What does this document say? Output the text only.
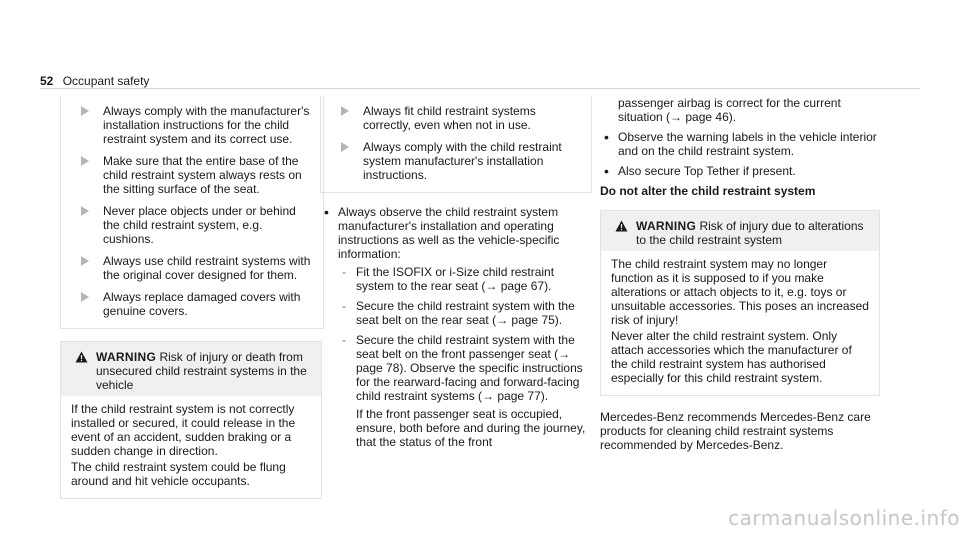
52 Occupant safety

Always comply with the manufacturer's installation instructions for the child restraint system and its correct use.

Make sure that the entire base of the child restraint system always rests on the sitting surface of the seat.

Never place objects under or behind the child restraint system, e.g. cushions.

Always use child restraint systems with the original cover designed for them.

Always replace damaged covers with genuine covers.

WARNING Risk of injury or death from unsecured child restraint systems in the vehicle

If the child restraint system is not correctly installed or secured, it could release in the event of an accident, sudden braking or a sudden change in direction.

The child restraint system could be flung around and hit vehicle occupants.

Always fit child restraint systems correctly, even when not in use.

Always comply with the child restraint system manufacturer's installation instructions.

• Always observe the child restraint system manufacturer's installation and operating instructions as well as the vehicle-specific information:
- Fit the ISOFIX or i-Size child restraint system to the rear seat (→ page 67).
- Secure the child restraint system with the seat belt on the rear seat (→ page 75).
- Secure the child restraint system with the seat belt on the front passenger seat (→ page 78). Observe the specific instructions for the rearward-facing and forward-facing child restraint systems (→ page 77).

If the front passenger seat is occupied, ensure, both before and during the journey, that the status of the front

passenger airbag is correct for the current situation (→ page 46).

• Observe the warning labels in the vehicle interior and on the child restraint system.
• Also secure Top Tether if present.

Do not alter the child restraint system

WARNING Risk of injury due to alterations to the child restraint system

The child restraint system may no longer function as it is supposed to if you make alterations or attach objects to it, e.g. toys or unsuitable accessories. This poses an increased risk of injury!

Never alter the child restraint system. Only attach accessories which the manufacturer of the child restraint system has authorised especially for this child restraint system.

Mercedes-Benz recommends Mercedes-Benz care products for cleaning child restraint systems recommended by Mercedes-Benz.

carmanualsonline.info
